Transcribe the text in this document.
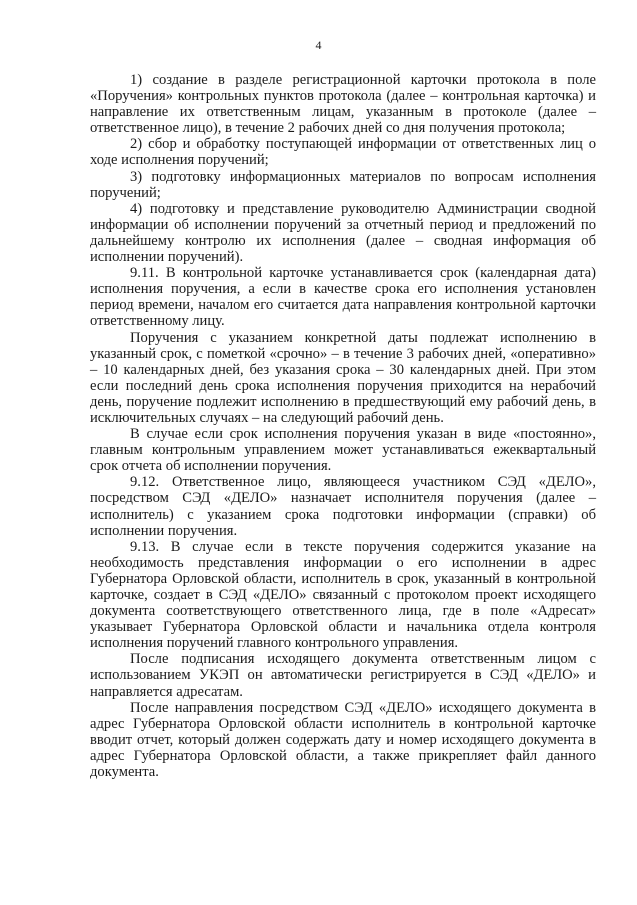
4

1) создание в разделе регистрационной карточки протокола в поле «Поручения» контрольных пунктов протокола (далее – контрольная карточка) и направление их ответственным лицам, указанным в протоколе (далее – ответственное лицо), в течение 2 рабочих дней со дня получения протокола;

2) сбор и обработку поступающей информации от ответственных лиц о ходе исполнения поручений;

3) подготовку информационных материалов по вопросам исполнения поручений;

4) подготовку и представление руководителю Администрации сводной информации об исполнении поручений за отчетный период и предложений по дальнейшему контролю их исполнения (далее – сводная информация об исполнении поручений).

9.11. В контрольной карточке устанавливается срок (календарная дата) исполнения поручения, а если в качестве срока его исполнения установлен период времени, началом его считается дата направления контрольной карточки ответственному лицу.

Поручения с указанием конкретной даты подлежат исполнению в указанный срок, с пометкой «срочно» – в течение 3 рабочих дней, «оперативно» – 10 календарных дней, без указания срока – 30 календарных дней. При этом если последний день срока исполнения поручения приходится на нерабочий день, поручение подлежит исполнению в предшествующий ему рабочий день, в исключительных случаях – на следующий рабочий день.

В случае если срок исполнения поручения указан в виде «постоянно», главным контрольным управлением может устанавливаться ежеквартальный срок отчета об исполнении поручения.

9.12. Ответственное лицо, являющееся участником СЭД «ДЕЛО», посредством СЭД «ДЕЛО» назначает исполнителя поручения (далее – исполнитель) с указанием срока подготовки информации (справки) об исполнении поручения.

9.13. В случае если в тексте поручения содержится указание на необходимость представления информации о его исполнении в адрес Губернатора Орловской области, исполнитель в срок, указанный в контрольной карточке, создает в СЭД «ДЕЛО» связанный с протоколом проект исходящего документа соответствующего ответственного лица, где в поле «Адресат» указывает Губернатора Орловской области и начальника отдела контроля исполнения поручений главного контрольного управления.

После подписания исходящего документа ответственным лицом с использованием УКЭП он автоматически регистрируется в СЭД «ДЕЛО» и направляется адресатам.

После направления посредством СЭД «ДЕЛО» исходящего документа в адрес Губернатора Орловской области исполнитель в контрольной карточке вводит отчет, который должен содержать дату и номер исходящего документа в адрес Губернатора Орловской области, а также прикрепляет файл данного документа.
